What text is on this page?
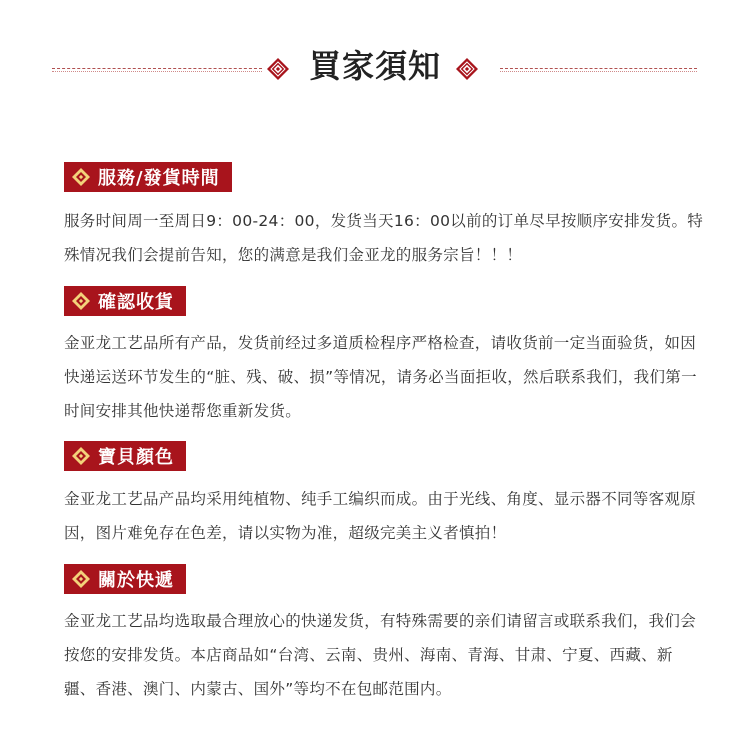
買家須知
服務/發貨時間
服务时间周一至周日9：00-24：00，发货当天16：00以前的订单尽早按顺序安排发货。特殊情况我们会提前告知，您的满意是我们金亚龙的服务宗旨！！！
確認收貨
金亚龙工艺品所有产品，发货前经过多道质检程序严格检查，请收货前一定当面验货，如因快递运送环节发生的“脏、残、破、损”等情况，请务必当面拒收，然后联系我们，我们第一时间安排其他快递帮您重新发货。
寶貝顏色
金亚龙工艺品产品均采用纯植物、纯手工编织而成。由于光线、角度、显示器不同等客观原因，图片难免存在色差，请以实物为准，超级完美主义者慎拍！
關於快遞
金亚龙工艺品均选取最合理放心的快递发货，有特殊需要的亲们请留言或联系我们，我们会按您的安排发货。本店商品如“台湾、云南、贵州、海南、青海、甘肃、宁夏、西藏、新疆、香港、澳门、内蒙古、国外”等均不在包邮范围内。
